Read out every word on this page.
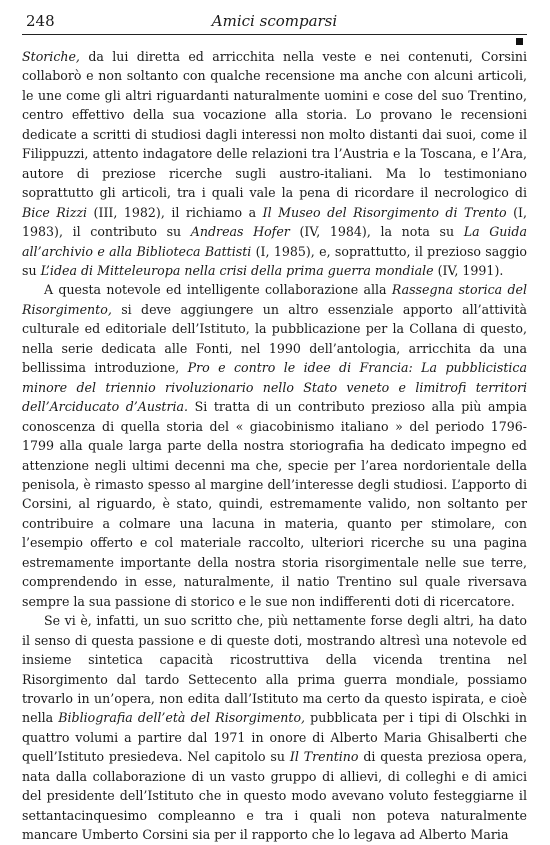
248	Amici scomparsi

Storiche, da lui diretta ed arricchita nella veste e nei contenuti, Corsini collaborò e non soltanto con qualche recensione ma anche con alcuni articoli, le une come gli altri riguardanti naturalmente uomini e cose del suo Trentino, centro effettivo della sua vocazione alla storia. Lo provano le recensioni dedicate a scritti di studiosi dagli interessi non molto distanti dai suoi, come il Filippuzzi, attento indagatore delle relazioni tra l’Austria e la Toscana, e l’Ara, autore di preziose ricerche sugli austro-italiani. Ma lo testimoniano soprattutto gli articoli, tra i quali vale la pena di ricordare il necrologico di Bice Rizzi (III, 1982), il richiamo a Il Museo del Risorgimento di Trento (I, 1983), il contributo su Andreas Hofer (IV, 1984), la nota su La Guida all’archivio e alla Biblioteca Battisti (I, 1985), e, soprattutto, il prezioso saggio su L’idea di Mitteleuropa nella crisi della prima guerra mondiale (IV, 1991).

A questa notevole ed intelligente collaborazione alla Rassegna storica del Risorgimento, si deve aggiungere un altro essenziale apporto all’attività culturale ed editoriale dell’Istituto, la pubblicazione per la Collana di questo, nella serie dedicata alle Fonti, nel 1990 dell’antologia, arricchita da una bellissima introduzione, Pro e contro le idee di Francia: La pubblicistica minore del triennio rivoluzionario nello Stato veneto e limitrofi territori dell’Arciducato d’Austria. Si tratta di un contributo prezioso alla più ampia conoscenza di quella storia del « giacobinismo italiano » del periodo 1796-1799 alla quale larga parte della nostra storiografia ha dedicato impegno ed attenzione negli ultimi decenni ma che, specie per l’area nordorientale della penisola, è rimasto spesso al margine dell’interesse degli studiosi. L’apporto di Corsini, al riguardo, è stato, quindi, estremamente valido, non soltanto per contribuire a colmare una lacuna in materia, quanto per stimolare, con l’esempio offerto e col materiale raccolto, ulteriori ricerche su una pagina estremamente importante della nostra storia risorgimentale nelle sue terre, comprendendo in esse, naturalmente, il natio Trentino sul quale riversava sempre la sua passione di storico e le sue non indifferenti doti di ricercatore.

Se vi è, infatti, un suo scritto che, più nettamente forse degli altri, ha dato il senso di questa passione e di queste doti, mostrando altresì una notevole ed insieme sintetica capacità ricostruttiva della vicenda trentina nel Risorgimento dal tardo Settecento alla prima guerra mondiale, possiamo trovarlo in un’opera, non edita dall’Istituto ma certo da questo ispirata, e cioè nella Bibliografia dell’età del Risorgimento, pubblicata per i tipi di Olschki in quattro volumi a partire dal 1971 in onore di Alberto Maria Ghisalberti che quell’Istituto presiedeva. Nel capitolo su Il Trentino di questa preziosa opera, nata dalla collaborazione di un vasto gruppo di allievi, di colleghi e di amici del presidente dell’Istituto che in questo modo avevano voluto festeggiarne il settantacinquesimo compleanno e tra i quali non poteva naturalmente mancare Umberto Corsini sia per il rapporto che lo legava ad Alberto Maria
